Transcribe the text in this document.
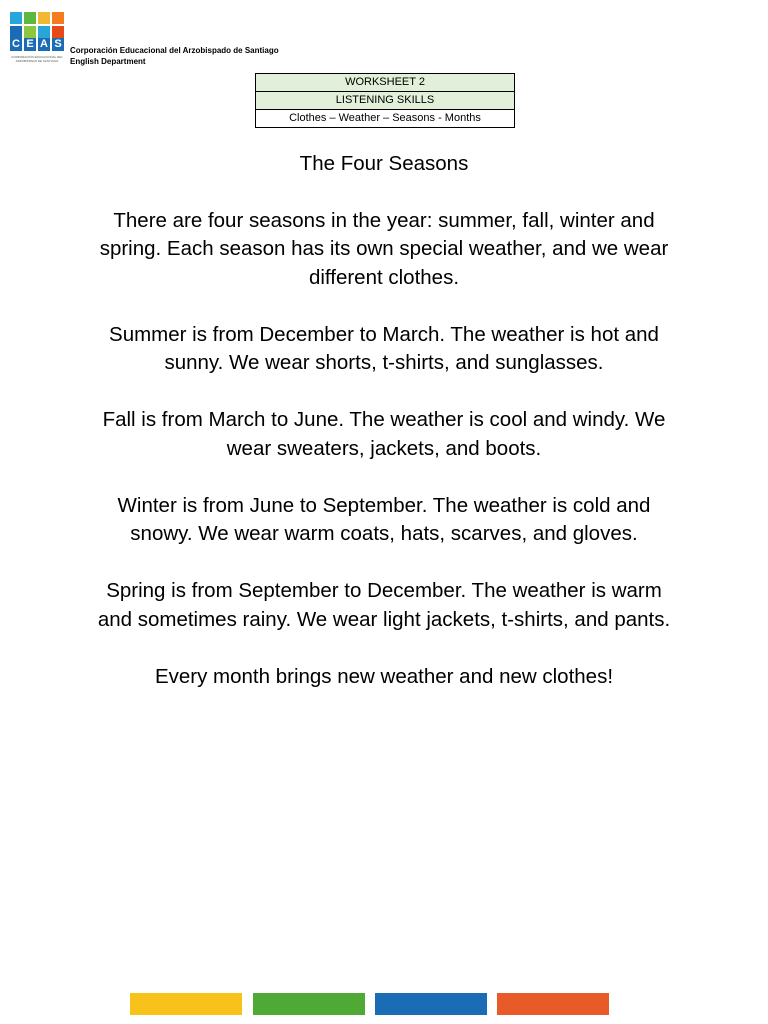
C E A S
CORPORACIÓN EDUCACIONAL DEL ARZOBISPADO DE SANTIAGO
Corporación Educacional del Arzobispado de Santiago
English Department
WORKSHEET 2
LISTENING SKILLS
Clothes – Weather – Seasons - Months

The Four Seasons

There are four seasons in the year: summer, fall, winter and spring. Each season has its own special weather, and we wear different clothes.

Summer is from December to March. The weather is hot and sunny. We wear shorts, t-shirts, and sunglasses.

Fall is from March to June. The weather is cool and windy. We wear sweaters, jackets, and boots.

Winter is from June to September. The weather is cold and snowy. We wear warm coats, hats, scarves, and gloves.

Spring is from September to December. The weather is warm and sometimes rainy. We wear light jackets, t-shirts, and pants.

Every month brings new weather and new clothes!
